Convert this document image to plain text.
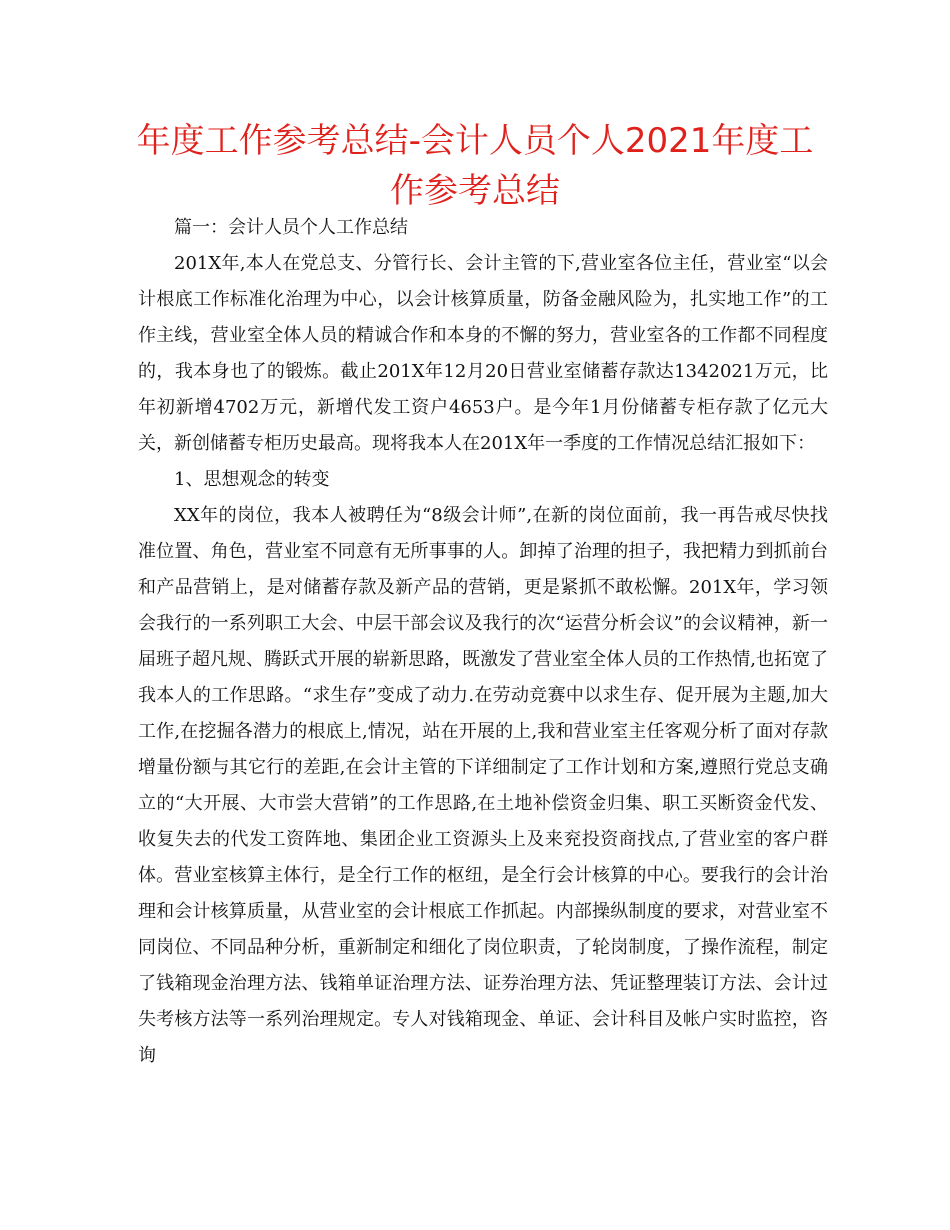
年度工作参考总结-会计人员个人2021年度工作参考总结

篇一：会计人员个人工作总结

201X年,本人在党总支、分管行长、会计主管的下,营业室各位主任，营业室“以会计根底工作标准化治理为中心，以会计核算质量，防备金融风险为，扎实地工作”的工作主线，营业室全体人员的精诚合作和本身的不懈的努力，营业室各的工作都不同程度的，我本身也了的锻炼。截止201X年12月20日营业室储蓄存款达1342021万元，比年初新增4702万元，新增代发工资户4653户。是今年1月份储蓄专柜存款了亿元大关，新创储蓄专柜历史最高。现将我本人在201X年一季度的工作情况总结汇报如下：

1、思想观念的转变

XX年的岗位，我本人被聘任为“8级会计师”,在新的岗位面前，我一再告戒尽快找准位置、角色，营业室不同意有无所事事的人。卸掉了治理的担子，我把精力到抓前台和产品营销上，是对储蓄存款及新产品的营销，更是紧抓不敢松懈。201X年，学习领会我行的一系列职工大会、中层干部会议及我行的次“运营分析会议”的会议精神，新一届班子超凡规、腾跃式开展的崭新思路，既激发了营业室全体人员的工作热情,也拓宽了我本人的工作思路。“求生存”变成了动力.在劳动竞赛中以求生存、促开展为主题,加大工作,在挖掘各潜力的根底上,情况，站在开展的上,我和营业室主任客观分析了面对存款增量份额与其它行的差距,在会计主管的下详细制定了工作计划和方案,遵照行党总支确立的“大开展、大市尝大营销”的工作思路,在土地补偿资金归集、职工买断资金代发、收复失去的代发工资阵地、集团企业工资源头上及来兖投资商找点,了营业室的客户群体。营业室核算主体行，是全行工作的枢纽，是全行会计核算的中心。要我行的会计治理和会计核算质量，从营业室的会计根底工作抓起。内部操纵制度的要求，对营业室不同岗位、不同品种分析，重新制定和细化了岗位职责，了轮岗制度，了操作流程，制定了钱箱现金治理方法、钱箱单证治理方法、证券治理方法、凭证整理装订方法、会计过失考核方法等一系列治理规定。专人对钱箱现金、单证、会计科目及帐户实时监控，咨询
